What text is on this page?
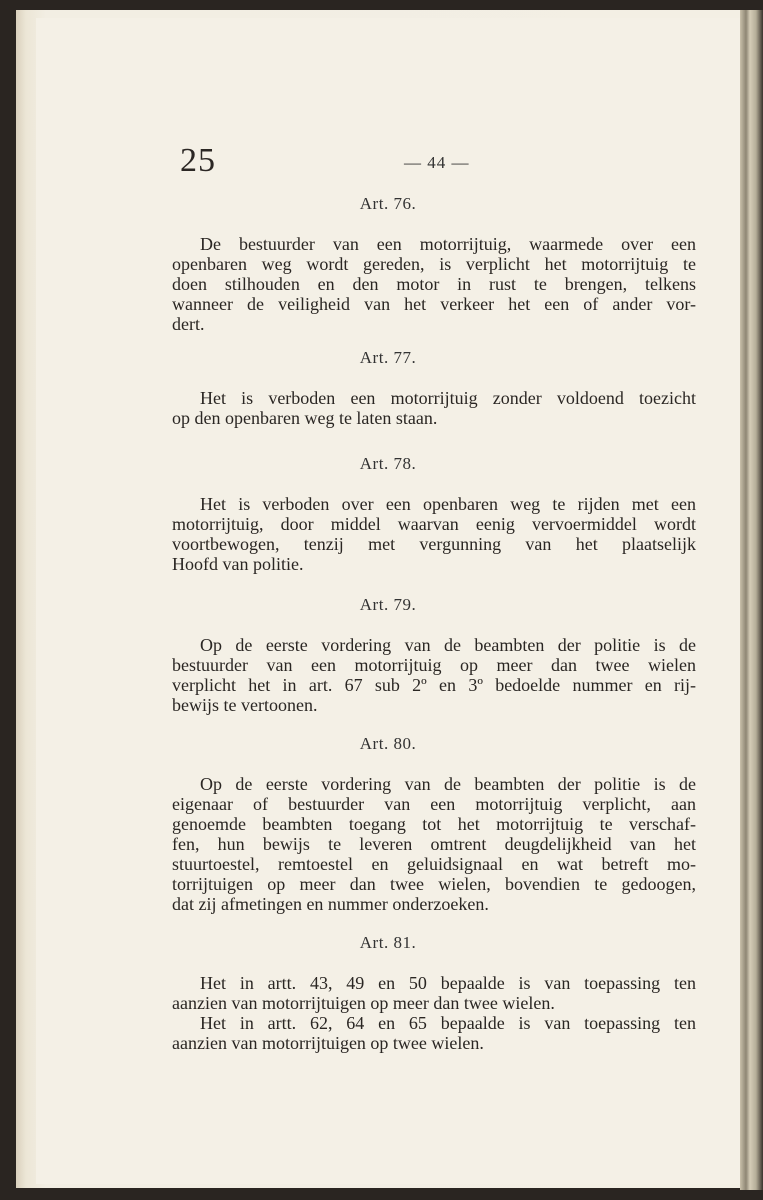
25	— 44 —
Art. 76.
De bestuurder van een motorrijtuig, waarmede over een
openbaren weg wordt gereden, is verplicht het motorrijtuig te
doen stilhouden en den motor in rust te brengen, telkens
wanneer de veiligheid van het verkeer het een of ander vor-
dert.
Art. 77.
Het is verboden een motorrijtuig zonder voldoend toezicht
op den openbaren weg te laten staan.
Art. 78.
Het is verboden over een openbaren weg te rijden met een
motorrijtuig, door middel waarvan eenig vervoermiddel wordt
voortbewogen, tenzij met vergunning van het plaatselijk
Hoofd van politie.
Art. 79.
Op de eerste vordering van de beambten der politie is de
bestuurder van een motorrijtuig op meer dan twee wielen
verplicht het in art. 67 sub 2º en 3º bedoelde nummer en rij-
bewijs te vertoonen.
Art. 80.
Op de eerste vordering van de beambten der politie is de
eigenaar of bestuurder van een motorrijtuig verplicht, aan
genoemde beambten toegang tot het motorrijtuig te verschaf-
fen, hun bewijs te leveren omtrent deugdelijkheid van het
stuurtoestel, remtoestel en geluidsignaal en wat betreft mo-
torrijtuigen op meer dan twee wielen, bovendien te gedoogen,
dat zij afmetingen en nummer onderzoeken.
Art. 81.
Het in artt. 43, 49 en 50 bepaalde is van toepassing ten
aanzien van motorrijtuigen op meer dan twee wielen.
Het in artt. 62, 64 en 65 bepaalde is van toepassing ten
aanzien van motorrijtuigen op twee wielen.
